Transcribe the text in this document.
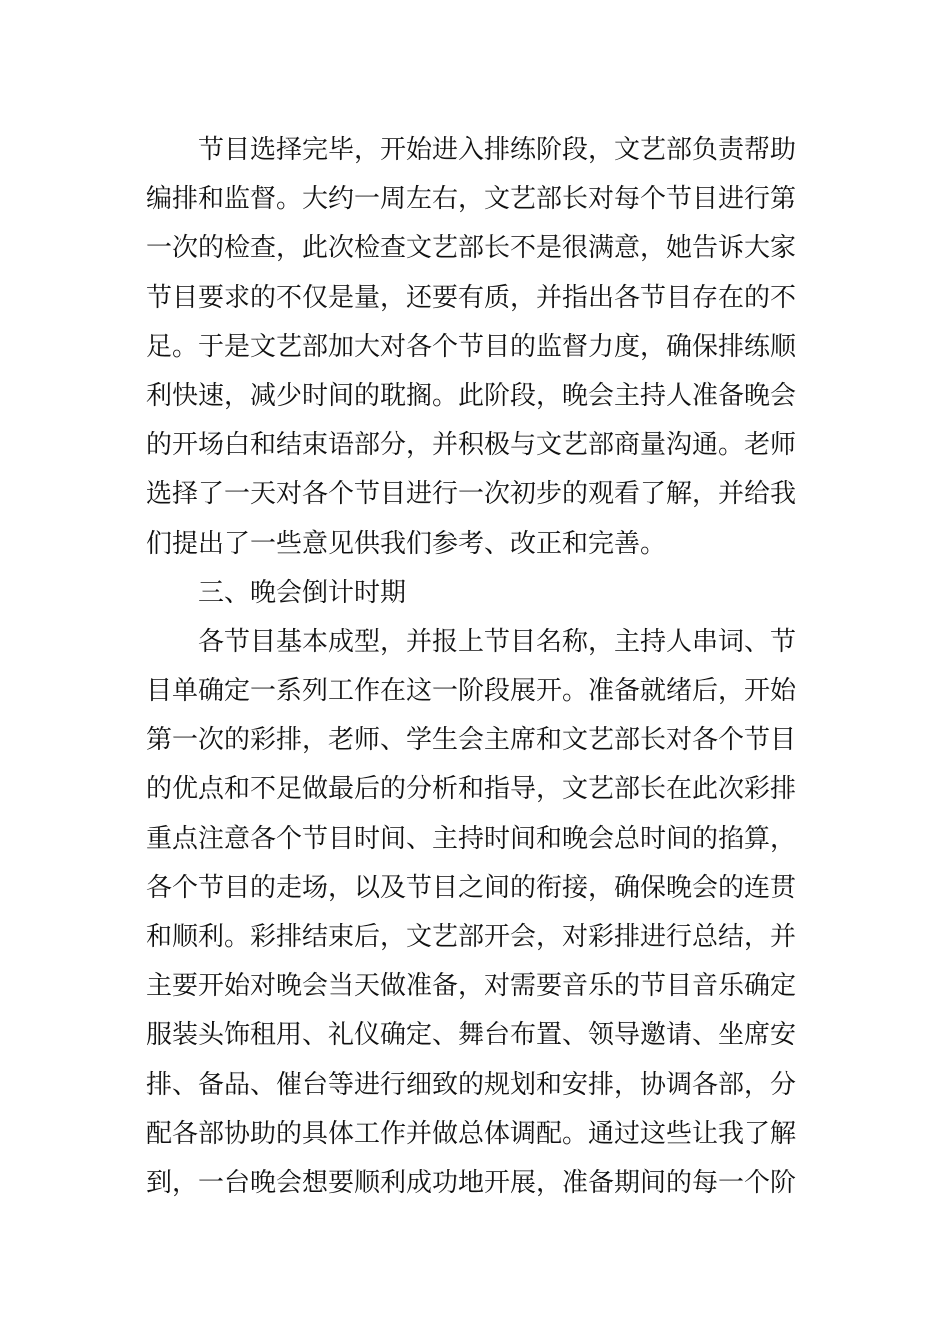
节目选择完毕，开始进入排练阶段，文艺部负责帮助
编排和监督。大约一周左右，文艺部长对每个节目进行第
一次的检查，此次检查文艺部长不是很满意，她告诉大家
节目要求的不仅是量，还要有质，并指出各节目存在的不
足。于是文艺部加大对各个节目的监督力度，确保排练顺
利快速，减少时间的耽搁。此阶段，晚会主持人准备晚会
的开场白和结束语部分，并积极与文艺部商量沟通。老师
选择了一天对各个节目进行一次初步的观看了解，并给我
们提出了一些意见供我们参考、改正和完善。
三、晚会倒计时期
各节目基本成型，并报上节目名称，主持人串词、节
目单确定一系列工作在这一阶段展开。准备就绪后，开始
第一次的彩排，老师、学生会主席和文艺部长对各个节目
的优点和不足做最后的分析和指导，文艺部长在此次彩排
重点注意各个节目时间、主持时间和晚会总时间的掐算，
各个节目的走场，以及节目之间的衔接，确保晚会的连贯
和顺利。彩排结束后，文艺部开会，对彩排进行总结，并
主要开始对晚会当天做准备，对需要音乐的节目音乐确定
服装头饰租用、礼仪确定、舞台布置、领导邀请、坐席安
排、备品、催台等进行细致的规划和安排，协调各部，分
配各部协助的具体工作并做总体调配。通过这些让我了解
到，一台晚会想要顺利成功地开展，准备期间的每一个阶
